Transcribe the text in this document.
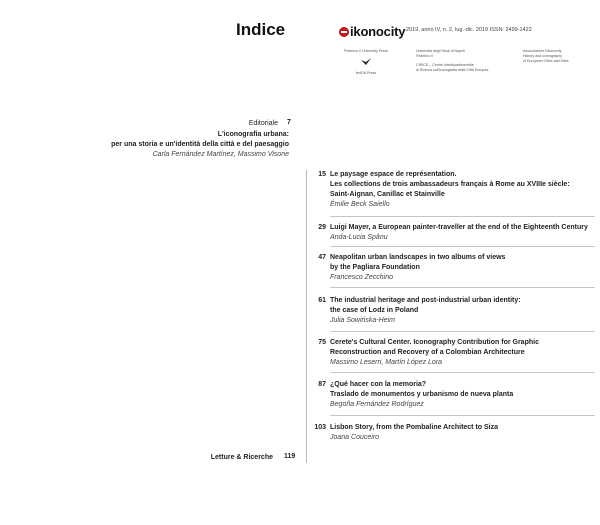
Indice	ikonocity 2019, anno IV, n. 2, lug.-dic. 2019 ISSN: 2499-1422
Federico II University Press
fedOA Press
Università degli Studi di Napoli
Federico II
CIRICE – Centro Interdipartimentale
di Ricerca sull'Iconografia della Città Europea
Associazione Eikonocity
History and Iconography
of European Cities and Sites
Editoriale 7
L'iconografia urbana:
per una storia e un'identità della città e del paesaggio
Carla Fernández Martínez, Massimo Visone
15 Le paysage espace de représentation.
Les collections de trois ambassadeurs français à Rome au XVIIIe siècle:
Saint-Aignan, Canillac et Stainville
Émilie Beck Saiello
29 Luigi Mayer, a European painter-traveller at the end of the Eighteenth Century
Anda-Lucia Spânu
47 Neapolitan urban landscapes in two albums of views
by the Pagliara Foundation
Francesco Zecchino
61 The industrial heritage and post-industrial urban identity:
the case of Lodz in Poland
Julia Sowińska-Heim
75 Cerete's Cultural Center. Iconography Contribution for Graphic
Reconstruction and Recovery of a Colombian Architecture
Massimo Leserri, Martín López Lora
87 ¿Qué hacer con la memoria?
Traslado de monumentos y urbanismo de nueva planta
Begoña Fernández Rodríguez
103 Lisbon Story, from the Pombaline Architect to Siza
Joana Couceiro
Letture & Ricerche 119
